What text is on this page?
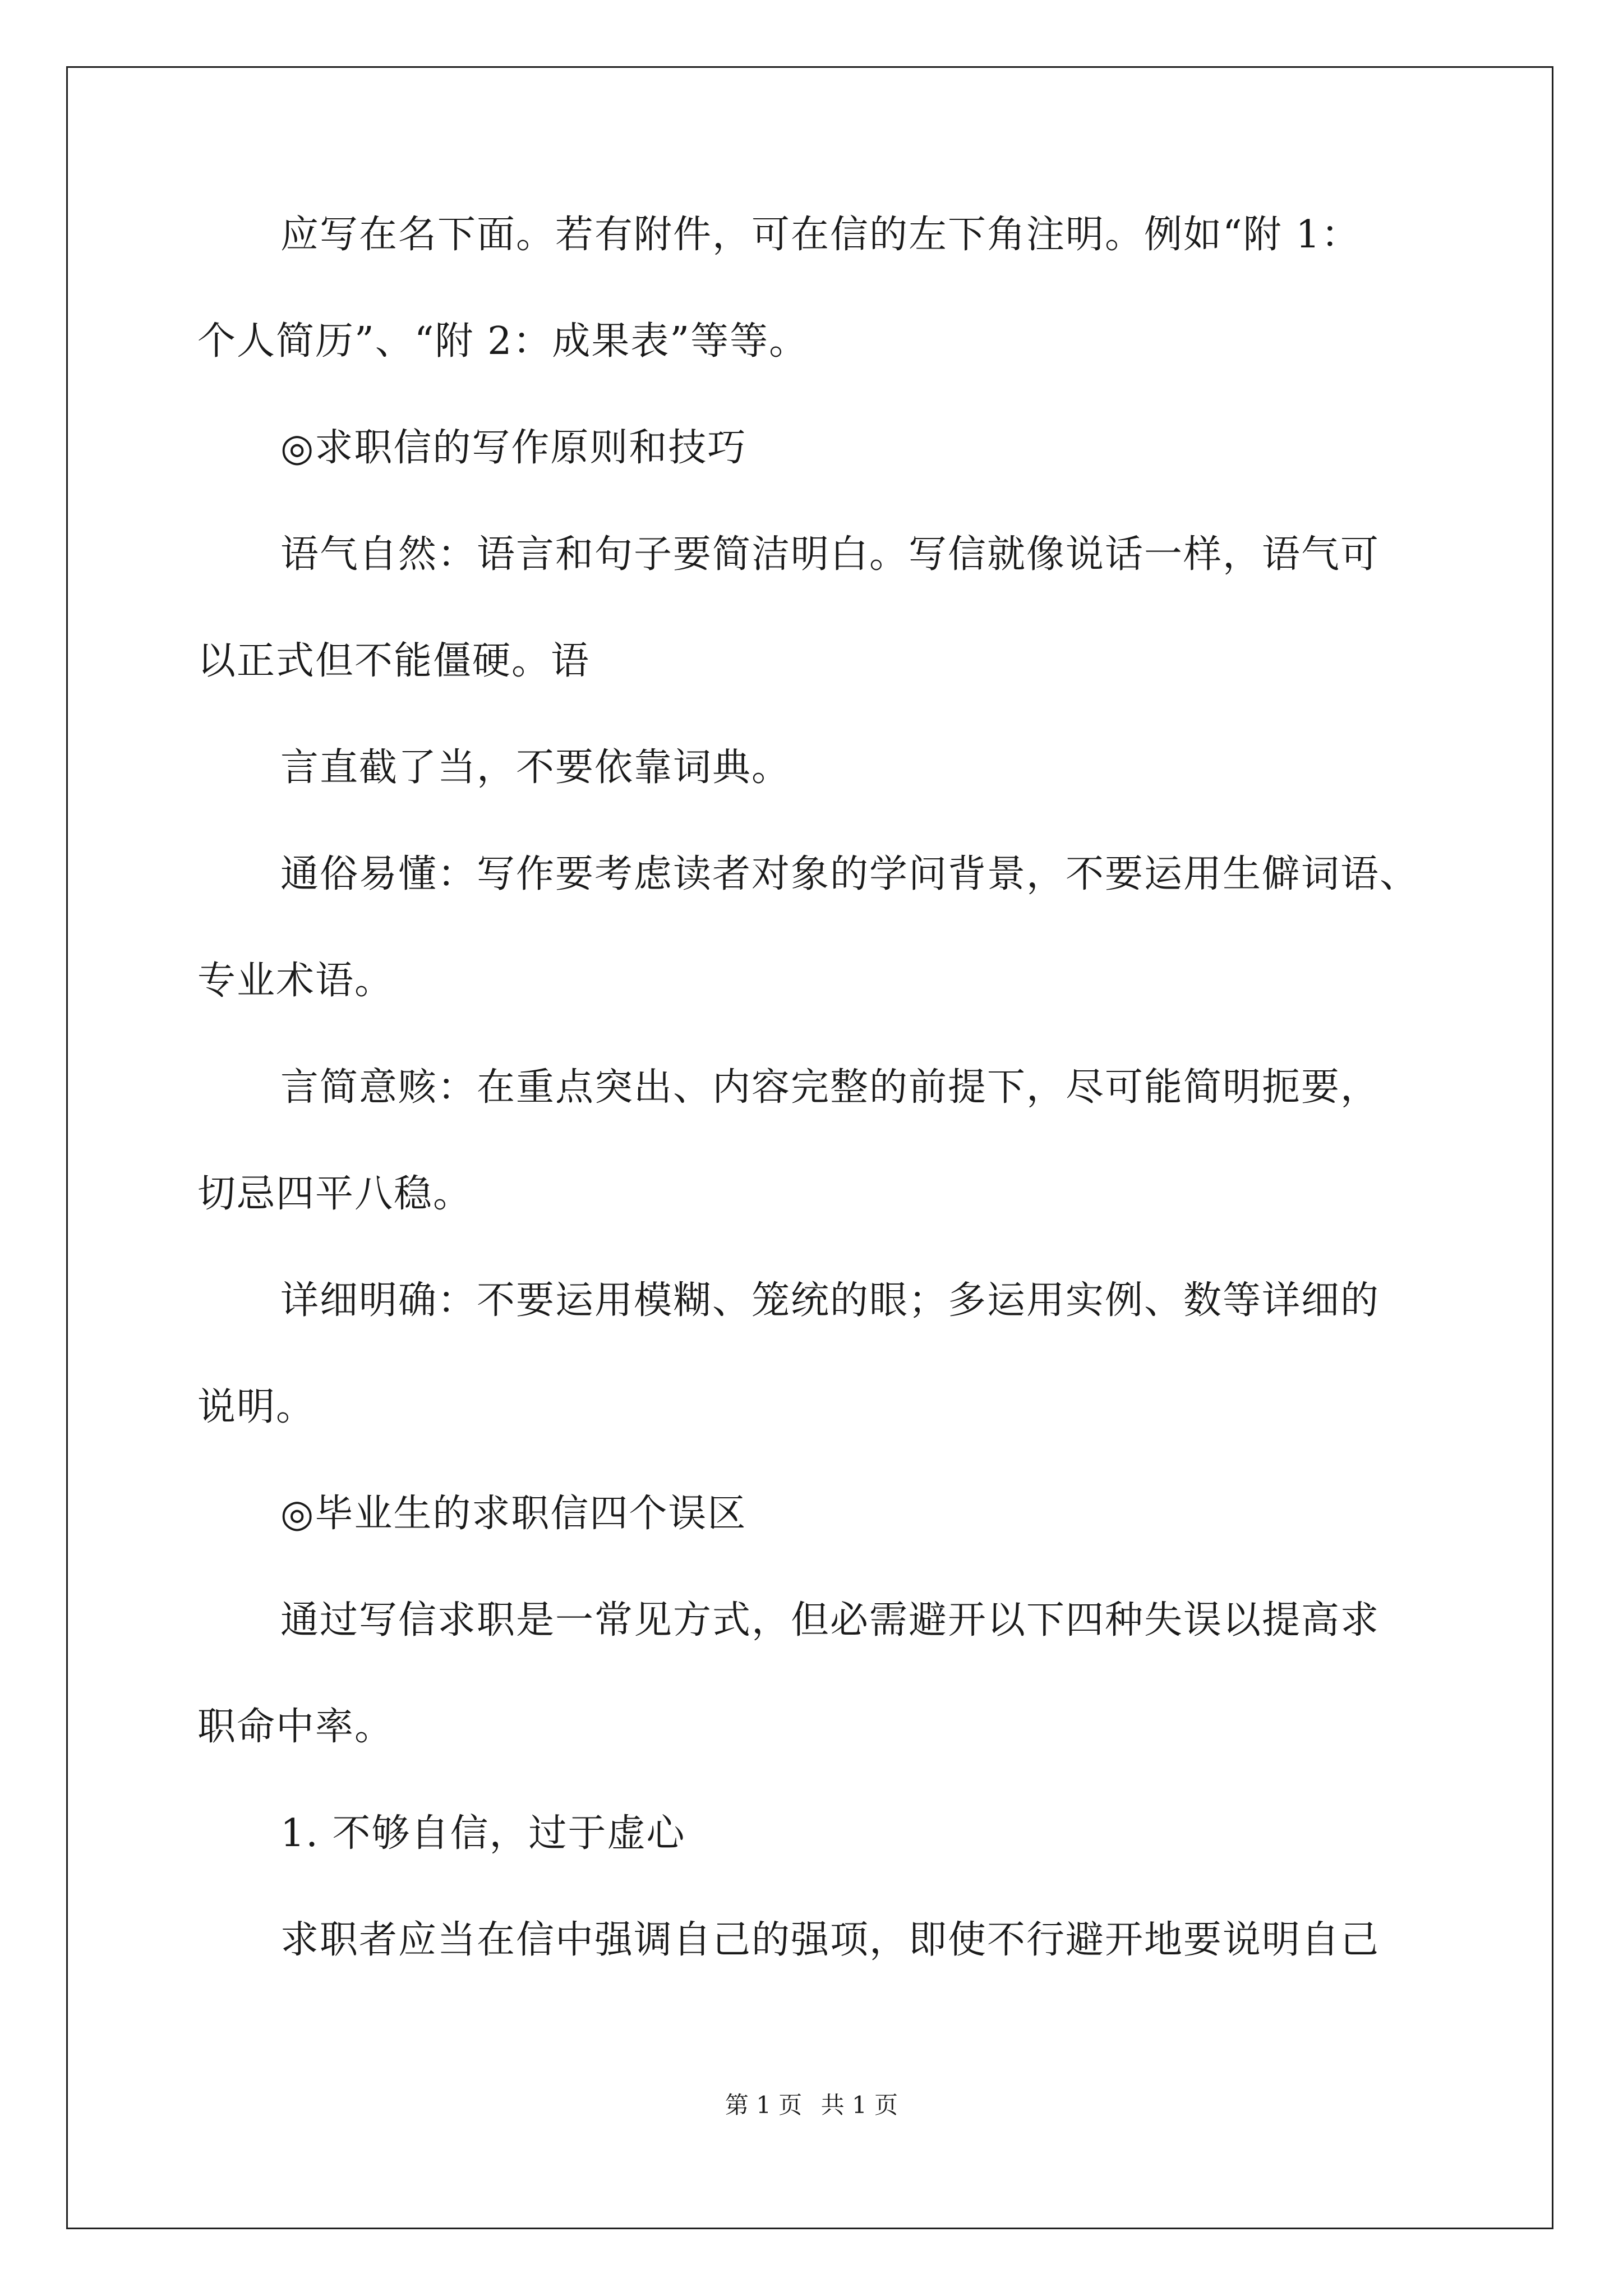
应写在名下面。若有附件，可在信的左下角注明。例如“附 1：
个人简历”、“附 2：成果表”等等。
◎求职信的写作原则和技巧
语气自然：语言和句子要简洁明白。写信就像说话一样，语气可
以正式但不能僵硬。语
言直截了当，不要依靠词典。
通俗易懂：写作要考虑读者对象的学问背景，不要运用生僻词语、
专业术语。
言简意赅：在重点突出、内容完整的前提下，尽可能简明扼要，
切忌四平八稳。
详细明确：不要运用模糊、笼统的眼；多运用实例、数等详细的
说明。
◎毕业生的求职信四个误区
通过写信求职是一常见方式，但必需避开以下四种失误以提高求
职命中率。
1. 不够自信，过于虚心
求职者应当在信中强调自己的强项，即使不行避开地要说明自己
第 1 页 共 1 页
